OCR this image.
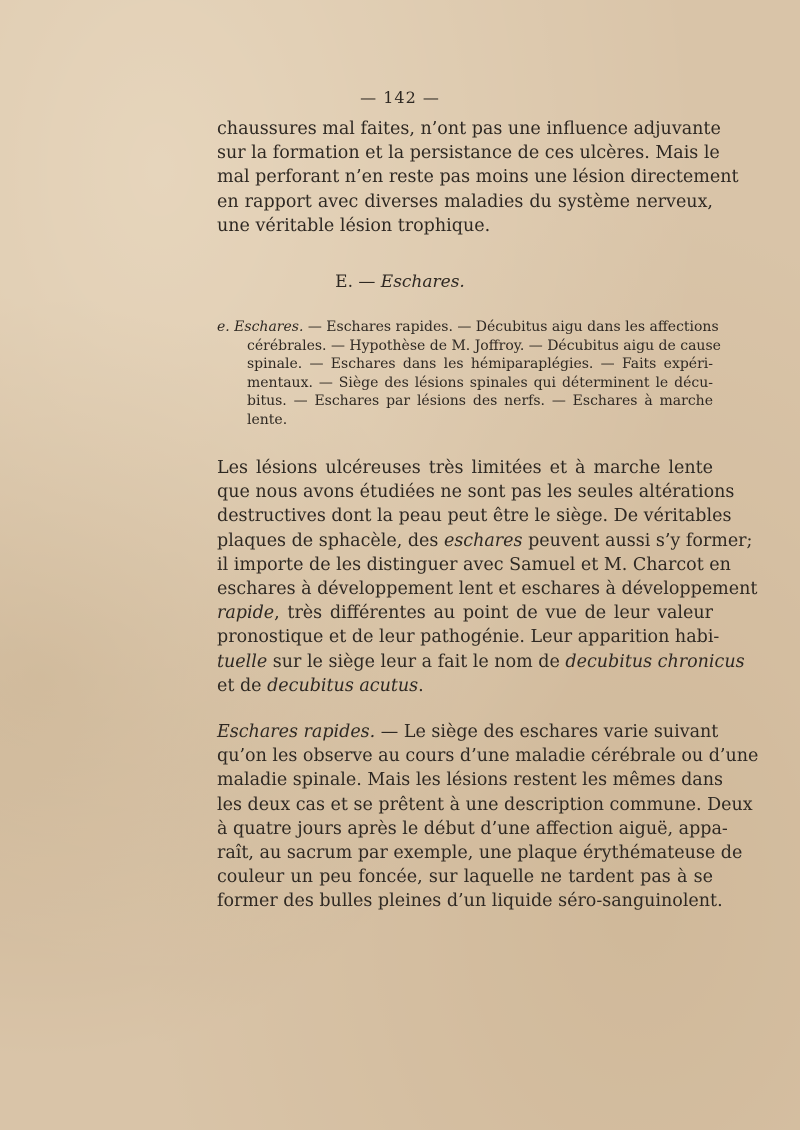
— 142 —
chaussures mal faites, n’ont pas une influence adjuvante
sur la formation et la persistance de ces ulcères. Mais le
mal perforant n’en reste pas moins une lésion directement
en rapport avec diverses maladies du système nerveux,
une véritable lésion trophique.
E. — Eschares.
e. Eschares. — Eschares rapides. — Décubitus aigu dans les affections
cérébrales. — Hypothèse de M. Joffroy. — Décubitus aigu de cause
spinale. — Eschares dans les hémiparaplégies. — Faits expéri-
mentaux. — Siège des lésions spinales qui déterminent le décu-
bitus. — Eschares par lésions des nerfs. — Eschares à marche
lente.
Les lésions ulcéreuses très limitées et à marche lente
que nous avons étudiées ne sont pas les seules altérations
destructives dont la peau peut être le siège. De véritables
plaques de sphacèle, des eschares peuvent aussi s’y former;
il importe de les distinguer avec Samuel et M. Charcot en
eschares à développement lent et eschares à développement
rapide, très différentes au point de vue de leur valeur
pronostique et de leur pathogénie. Leur apparition habi-
tuelle sur le siège leur a fait le nom de decubitus chronicus
et de decubitus acutus.
Eschares rapides. — Le siège des eschares varie suivant
qu’on les observe au cours d’une maladie cérébrale ou d’une
maladie spinale. Mais les lésions restent les mêmes dans
les deux cas et se prêtent à une description commune. Deux
à quatre jours après le début d’une affection aiguë, appa-
raît, au sacrum par exemple, une plaque érythémateuse de
couleur un peu foncée, sur laquelle ne tardent pas à se
former des bulles pleines d’un liquide séro-sanguinolent.
